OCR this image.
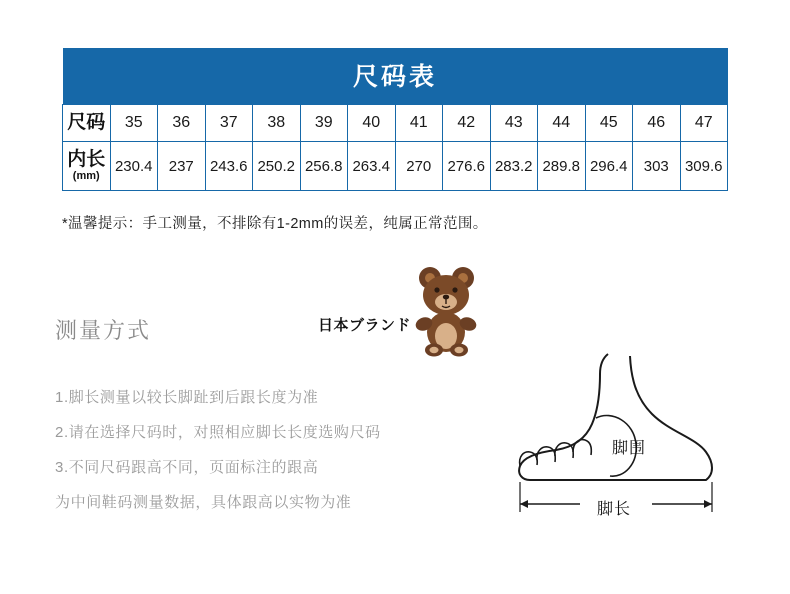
尺码表													
尺码	35	36	37	38	39	40	41	42	43	44	45	46	47
内长
(mm)	230.4	237	243.6	250.2	256.8	263.4	270	276.6	283.2	289.8	296.4	303	309.6
*温馨提示：手工测量，不排除有1-2mm的误差，纯属正常范围。
测量方式
1.脚长测量以较长脚趾到后跟长度为准
2.请在选择尺码时，对照相应脚长长度选购尺码
3.不同尺码跟高不同，页面标注的跟高
为中间鞋码测量数据，具体跟高以实物为准
日本ブランド
脚围
脚长
